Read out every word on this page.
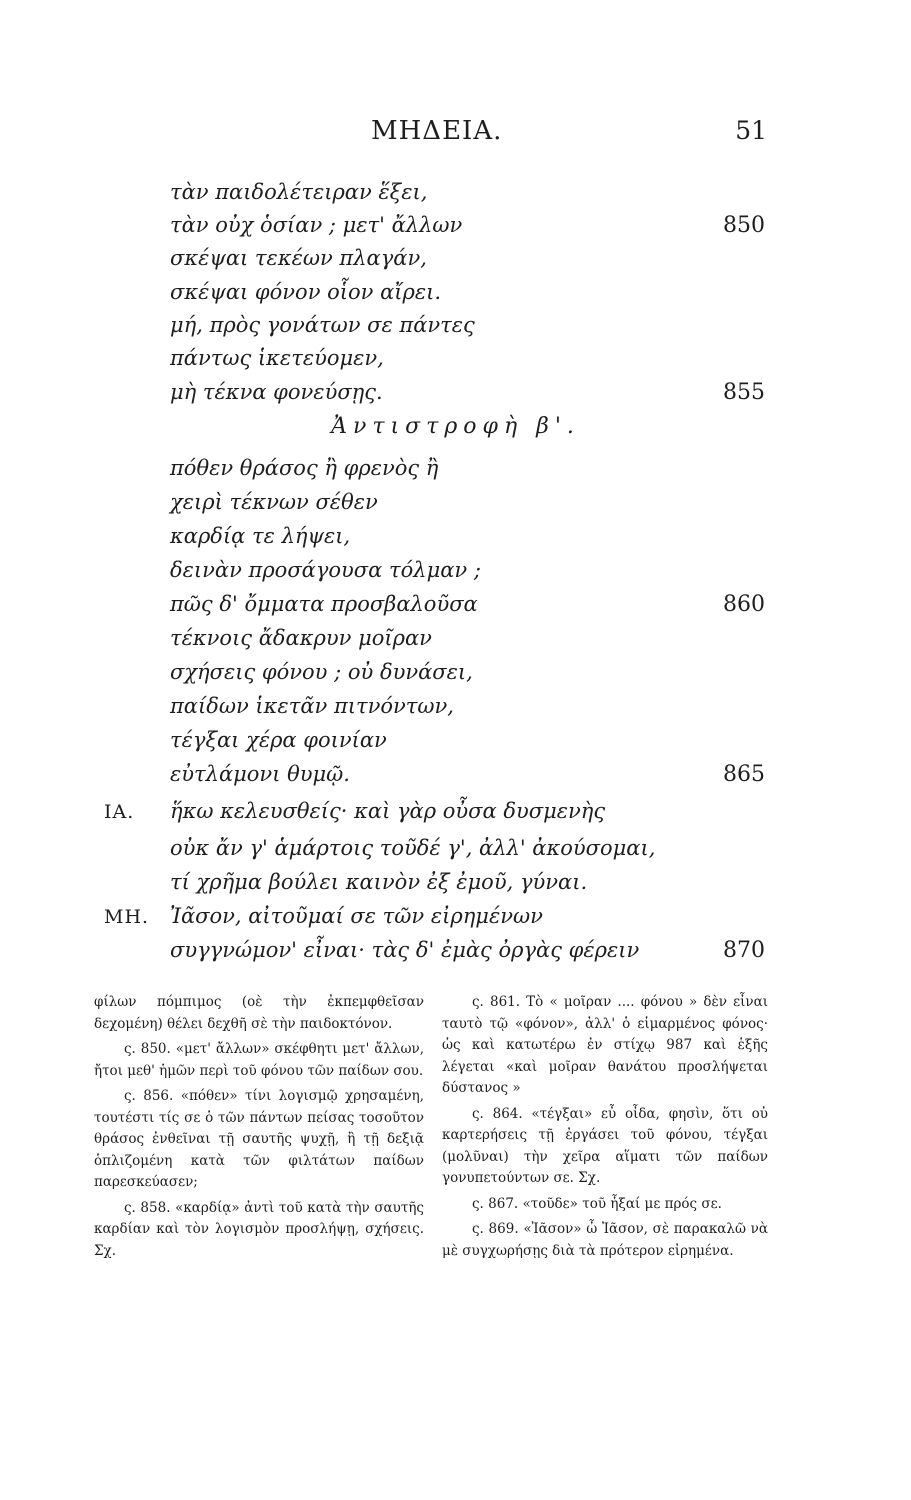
ΜΗΔΕΙΑ.	51
τὰν παιδολέτειραν ἕξει,
τὰν οὐχ ὁσίαν ; μετ' ἄλλων	850
σκέψαι τεκέων πλαγάν,
σκέψαι φόνον οἷον αἴρει.
μή, πρὸς γονάτων σε πάντες
πάντως ἱκετεύομεν,
μὴ τέκνα φονεύσῃς.	855
Ἀντιστροφὴ β'.
πόθεν θράσος ἢ φρενὸς ἢ
χειρὶ τέκνων σέθεν
καρδίᾳ τε λήψει,
δεινὰν προσάγουσα τόλμαν ;
πῶς δ' ὄμματα προσβαλοῦσα	860
τέκνοις ἄδακρυν μοῖραν
σχήσεις φόνου ; οὐ δυνάσει,
παίδων ἱκετᾶν πιτνόντων,
τέγξαι χέρα φοινίαν
εὐτλάμονι θυμῷ.	865
ΙΑ. ἥκω κελευσθείς· καὶ γὰρ οὖσα δυσμενὴς
οὐκ ἄν γ' ἁμάρτοις τοῦδέ γ', ἀλλ' ἀκούσομαι,
τί χρῆμα βούλει καινὸν ἐξ ἐμοῦ, γύναι.
ΜΗ. Ἰᾶσον, αἰτοῦμαί σε τῶν εἰρημένων
συγγνώμον' εἶναι· τὰς δ' ἐμὰς ὀργὰς φέρειν	870

φίλων πόμπιμος (οὲ τὴν ἐκπεμφθεῖσαν δεχομένη) θέλει δεχθῆ σὲ τὴν παιδοκτόνον.

ς. 850. «μετ' ἄλλων» σκέφθητι μετ' ἄλλων, ἤτοι μεθ' ἡμῶν περὶ τοῦ φόνου τῶν παίδων σου.

ς. 856. «πόθεν» τίνι λογισμῷ χρησαμένη, τουτέστι τίς σε ὁ τῶν πάντων πείσας τοσοῦτον θράσος ἐνθεῖναι τῇ σαυτῆς ψυχῇ, ἢ τῇ δεξιᾷ ὁπλιζομένη κατὰ τῶν φιλτάτων παίδων παρεσκεύασεν;

ς. 858. «καρδίᾳ» ἀντὶ τοῦ κατὰ τὴν σαυτῆς καρδίαν καὶ τὸν λογισμὸν προσλήψῃ, σχήσεις. Σχ.

ς. 861. Τὸ « μοῖραν .... φόνου » δὲν εἶναι ταυτὸ τῷ «φόνον», ἀλλ' ὁ εἱμαρμένος φόνος· ὡς καὶ κατωτέρω ἐν στίχῳ 987 καὶ ἑξῆς λέγεται «καὶ μοῖραν θανάτου προσλήψεται δύστανος »

ς. 864. «τέγξαι» εὖ οἶδα, φησὶν, ὅτι οὐ καρτερήσεις τῇ ἐργάσει τοῦ φόνου, τέγξαι (μολῦναι) τὴν χεῖρα αἵματι τῶν παίδων γονυπετούντων σε. Σχ.

ς. 867. «τοῦδε» τοῦ ἧξαί με πρός σε.

ς. 869. «Ἰᾶσον» ὦ Ἰᾶσον, σὲ παρακαλῶ νὰ μὲ συγχωρήσῃς διὰ τὰ πρότερον εἰρημένα.
